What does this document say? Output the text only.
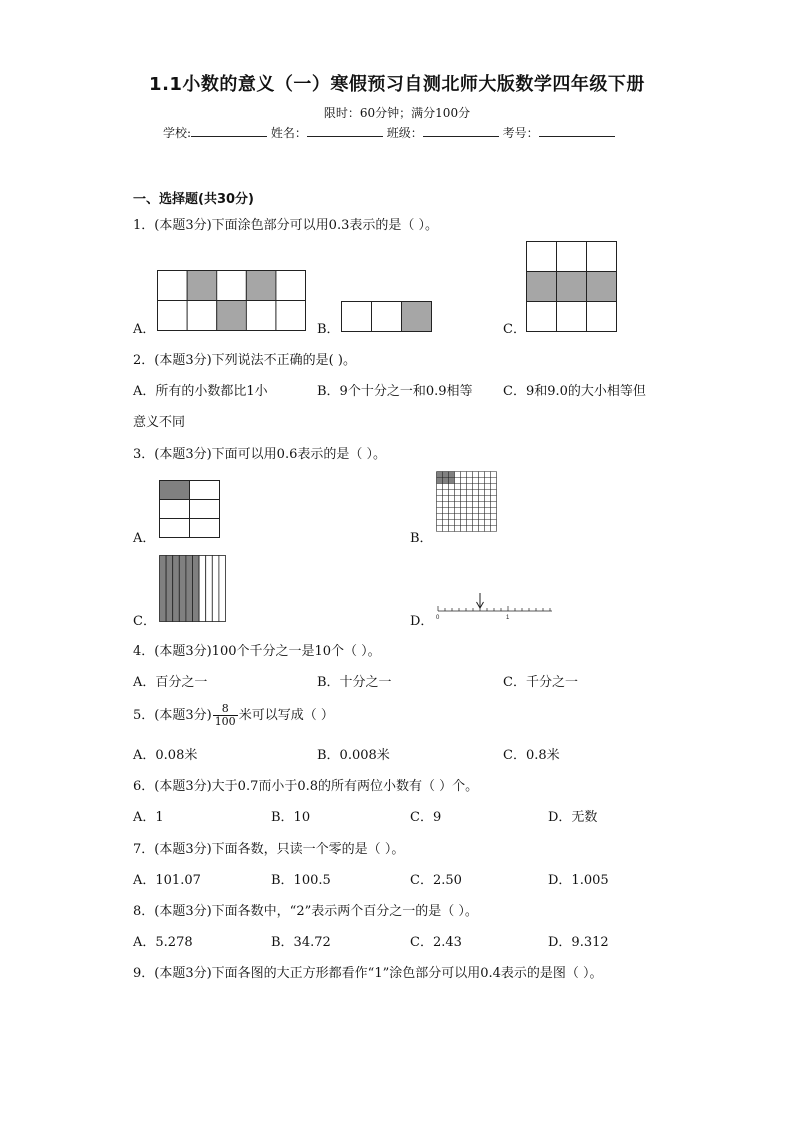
1.1小数的意义（一）寒假预习自测北师大版数学四年级下册
限时：60分钟；满分100分
学校:	姓名：	班级：	考号：
一、选择题(共30分)
1．(本题3分)下面涂色部分可以用0.3表示的是（ ）。
A．	B．	C．
2．(本题3分)下列说法不正确的是( )。
A．所有的小数都比1小	B．9个十分之一和0.9相等 C．9和9.0的大小相等但
意义不同
3．(本题3分)下面可以用0.6表示的是（ ）。
A．	B．
C．	D． 0	1
4．(本题3分)100个千分之一是10个（ ）。
A．百分之一	B．十分之一	C．千分之一
5．(本题3分) $\frac{8}{100}$ 米可以写成（ ）
A．0.08米	B．0.008米	C．0.8米
6．(本题3分)大于0.7而小于0.8的所有两位小数有（ ）个。
A．1	B．10	C．9	D．无数
7．(本题3分)下面各数，只读一个零的是（ ）。
A．101.07	B．100.5	C．2.50	D．1.005
8．(本题3分)下面各数中，“2”表示两个百分之一的是（ ）。
A．5.278	B．34.72	C．2.43	D．9.312
9．(本题3分)下面各图的大正方形都看作“1”涂色部分可以用0.4表示的是图（ ）。
